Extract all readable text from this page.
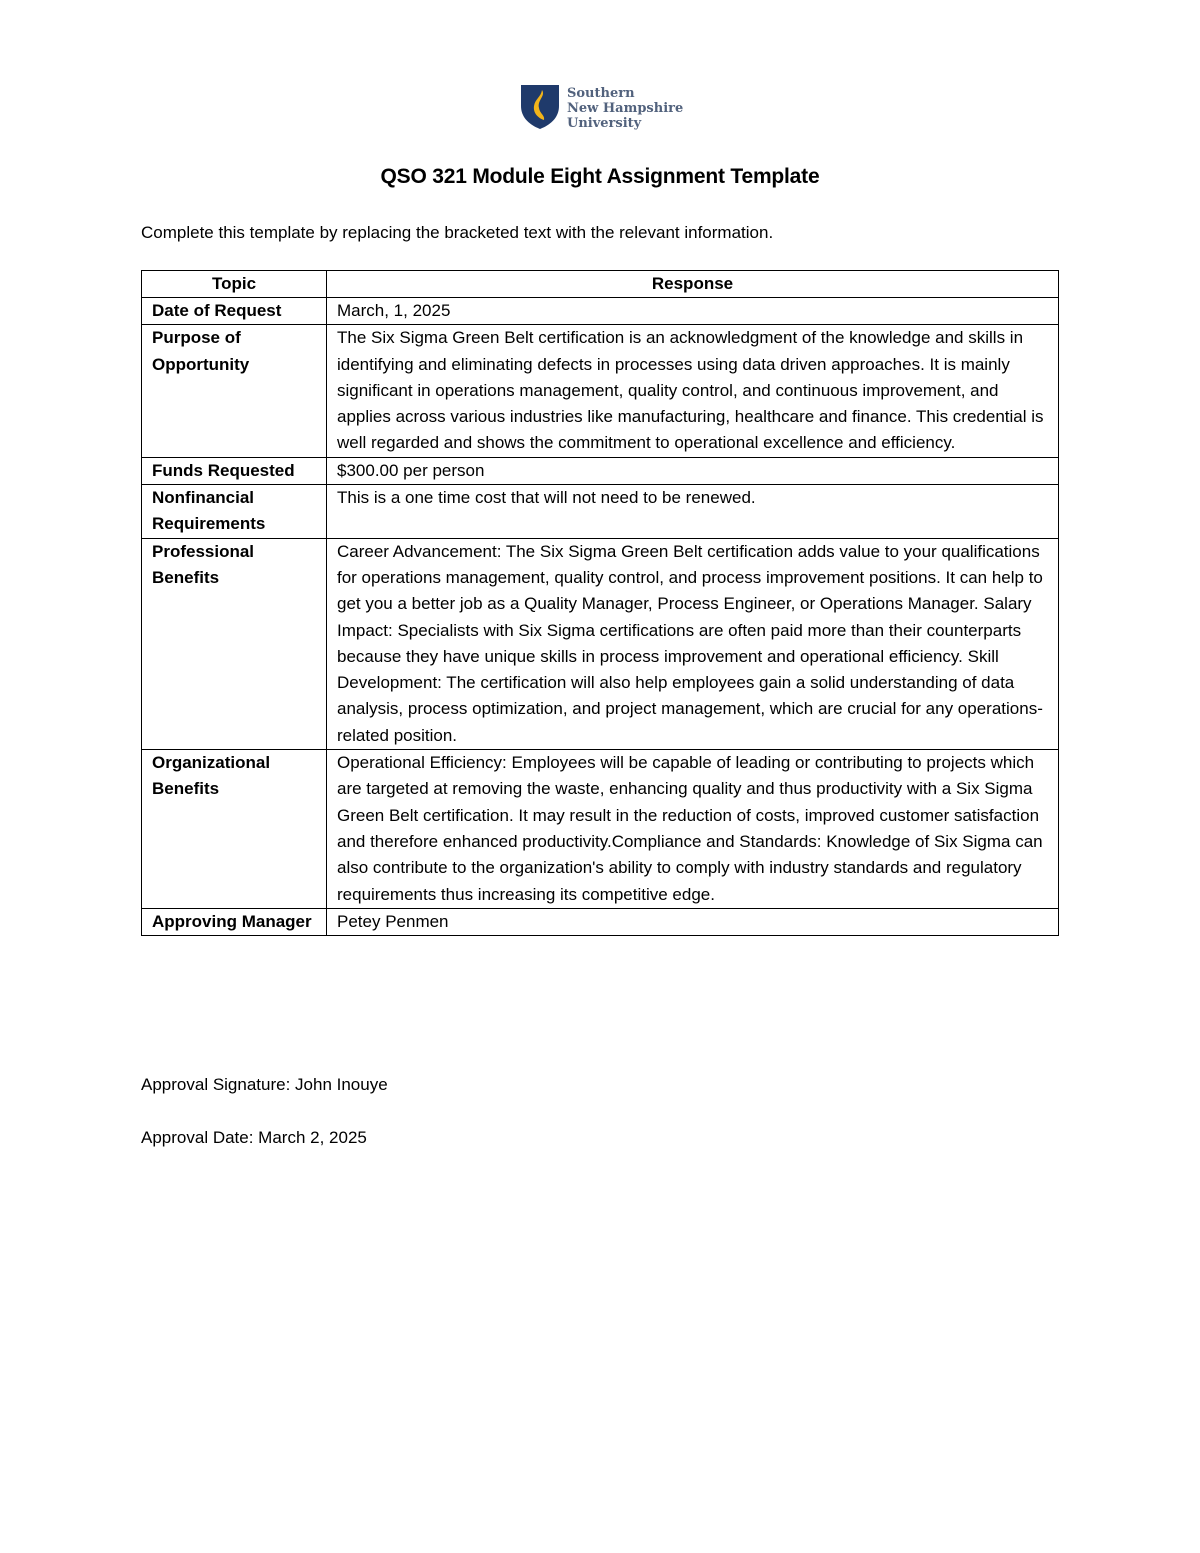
Southern
New Hampshire
University
QSO 321 Module Eight Assignment Template
Complete this template by replacing the bracketed text with the relevant information.
Topic	Response
Date of Request	March, 1, 2025
Purpose of Opportunity	The Six Sigma Green Belt certification is an acknowledgment of the knowledge and skills in identifying and eliminating defects in processes using data driven approaches. It is mainly significant in operations management, quality control, and continuous improvement, and applies across various industries like manufacturing, healthcare and finance. This credential is well regarded and shows the commitment to operational excellence and efficiency.
Funds Requested	$300.00 per person
Nonfinancial Requirements	This is a one time cost that will not need to be renewed.
Professional Benefits	Career Advancement: The Six Sigma Green Belt certification adds value to your qualifications for operations management, quality control, and process improvement positions. It can help to get you a better job as a Quality Manager, Process Engineer, or Operations Manager. Salary Impact: Specialists with Six Sigma certifications are often paid more than their counterparts because they have unique skills in process improvement and operational efficiency. Skill Development: The certification will also help employees gain a solid understanding of data analysis, process optimization, and project management, which are crucial for any operations-related position.
Organizational Benefits	Operational Efficiency: Employees will be capable of leading or contributing to projects which are targeted at removing the waste, enhancing quality and thus productivity with a Six Sigma Green Belt certification. It may result in the reduction of costs, improved customer satisfaction and therefore enhanced productivity.Compliance and Standards: Knowledge of Six Sigma can also contribute to the organization's ability to comply with industry standards and regulatory requirements thus increasing its competitive edge.
Approving Manager	Petey Penmen
Approval Signature: John Inouye
Approval Date: March 2, 2025
